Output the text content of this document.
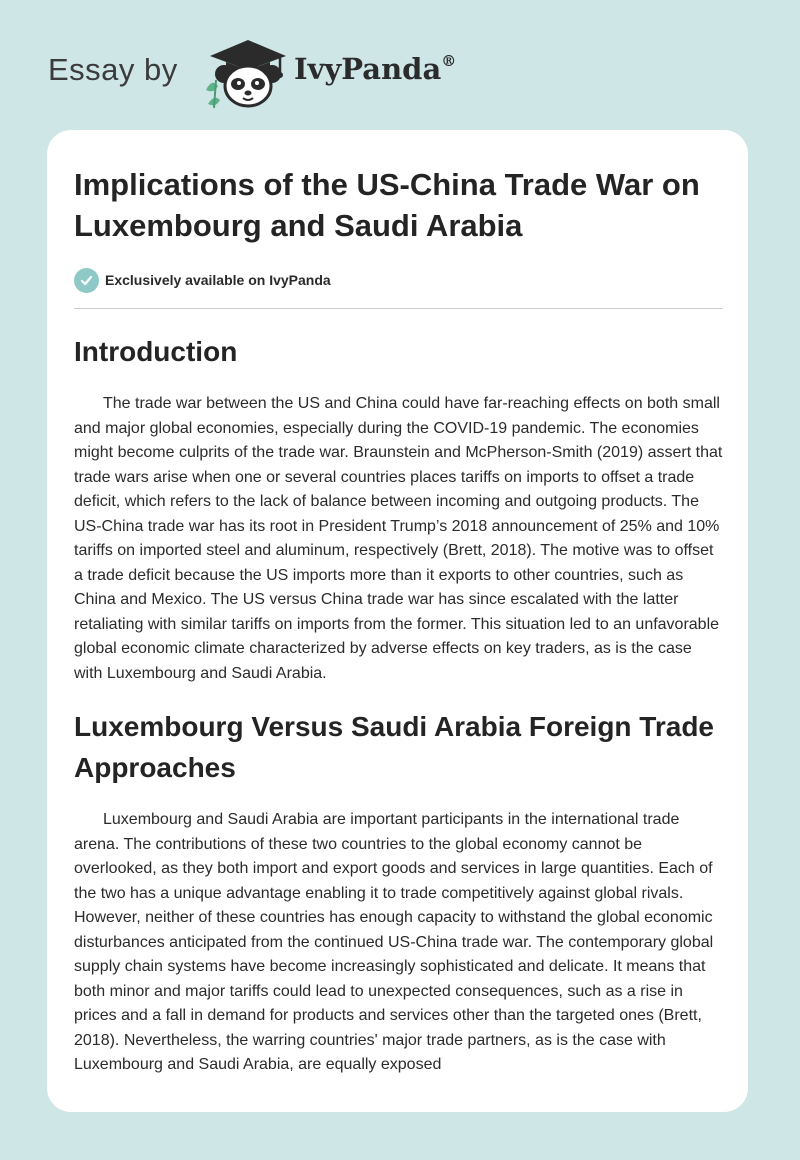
Essay by	IvyPanda®
Implications of the US-China Trade War on Luxembourg and Saudi Arabia
Exclusively available on IvyPanda
Introduction

The trade war between the US and China could have far-reaching effects on both small and major global economies, especially during the COVID-19 pandemic. The economies might become culprits of the trade war. Braunstein and McPherson-Smith (2019) assert that trade wars arise when one or several countries places tariffs on imports to offset a trade deficit, which refers to the lack of balance between incoming and outgoing products. The US-China trade war has its root in President Trump’s 2018 announcement of 25% and 10% tariffs on imported steel and aluminum, respectively (Brett, 2018). The motive was to offset a trade deficit because the US imports more than it exports to other countries, such as China and Mexico. The US versus China trade war has since escalated with the latter retaliating with similar tariffs on imports from the former. This situation led to an unfavorable global economic climate characterized by adverse effects on key traders, as is the case with Luxembourg and Saudi Arabia.

Luxembourg Versus Saudi Arabia Foreign Trade Approaches

Luxembourg and Saudi Arabia are important participants in the international trade arena. The contributions of these two countries to the global economy cannot be overlooked, as they both import and export goods and services in large quantities. Each of the two has a unique advantage enabling it to trade competitively against global rivals. However, neither of these countries has enough capacity to withstand the global economic disturbances anticipated from the continued US-China trade war. The contemporary global supply chain systems have become increasingly sophisticated and delicate. It means that both minor and major tariffs could lead to unexpected consequences, such as a rise in prices and a fall in demand for products and services other than the targeted ones (Brett, 2018). Nevertheless, the warring countries' major trade partners, as is the case with Luxembourg and Saudi Arabia, are equally exposed
